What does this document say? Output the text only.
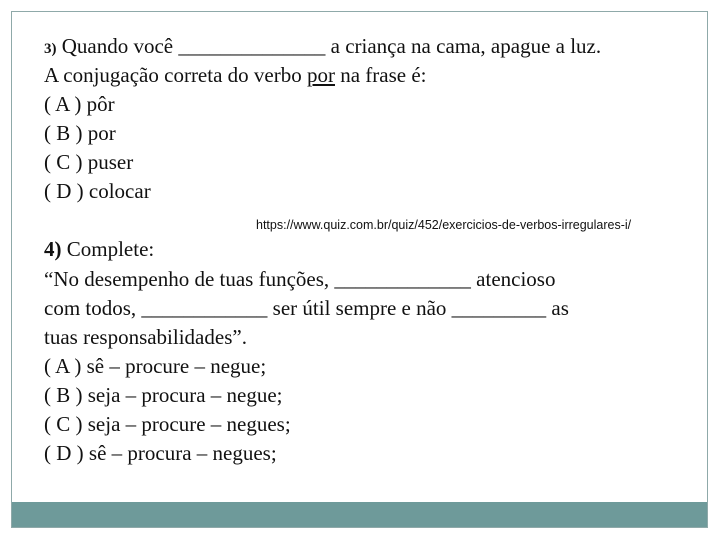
3) Quando você ______________ a criança na cama, apague a luz.
A conjugação correta do verbo por na frase é:
( A ) pôr
( B ) por
( C ) puser
( D ) colocar
https://www.quiz.com.br/quiz/452/exercicios-de-verbos-irregulares-i/
4) Complete:
“No desempenho de tuas funções, _____________ atencioso
com todos, ____________ ser útil sempre e não _________ as
tuas responsabilidades”.
( A ) sê – procure – negue;
( B ) seja – procura – negue;
( C ) seja – procure – negues;
( D ) sê – procura – negues;
